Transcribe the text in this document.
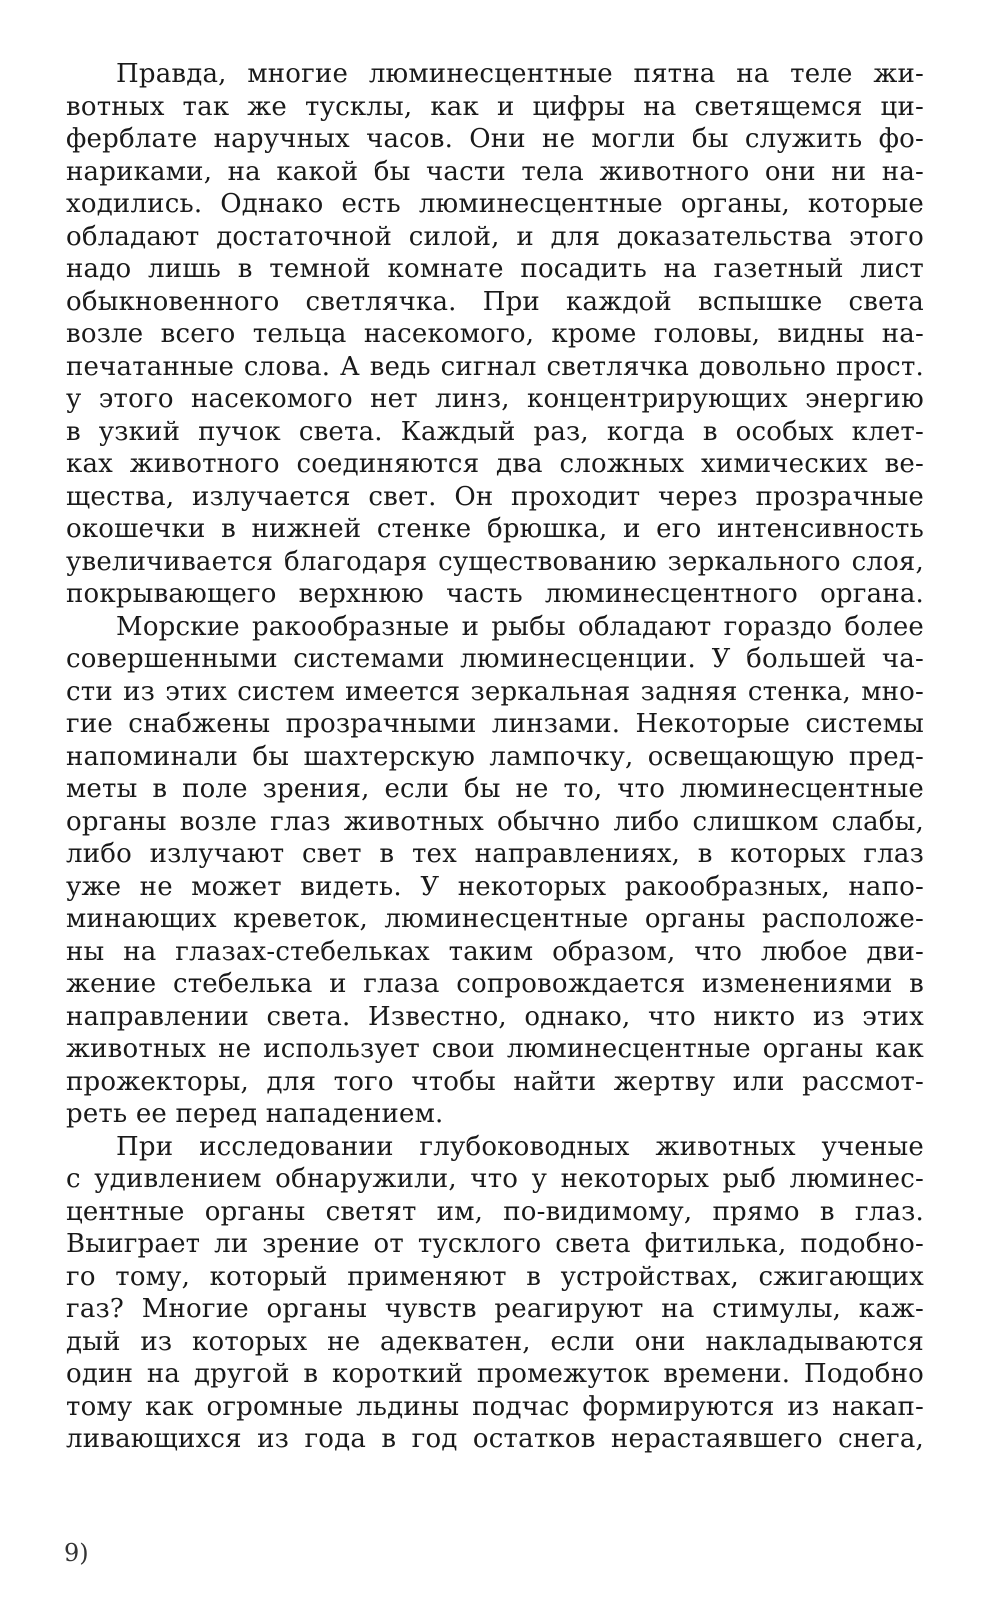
Правда, многие люминесцентные пятна на теле жи-
вотных так же тусклы, как и цифры на светящемся ци-
ферблате наручных часов. Они не могли бы служить фо-
нариками, на какой бы части тела животного они ни на-
ходились. Однако есть люминесцентные органы, которые
обладают достаточной силой, и для доказательства этого
надо лишь в темной комнате посадить на газетный лист
обыкновенного светлячка. При каждой вспышке света
возле всего тельца насекомого, кроме головы, видны на-
печатанные слова. А ведь сигнал светлячка довольно прост.
у этого насекомого нет линз, концентрирующих энергию
в узкий пучок света. Каждый раз, когда в особых клет-
ках животного соединяются два сложных химических ве-
щества, излучается свет. Он проходит через прозрачные
окошечки в нижней стенке брюшка, и его интенсивность
увеличивается благодаря существованию зеркального слоя,
покрывающего верхнюю часть люминесцентного органа.
Морские ракообразные и рыбы обладают гораздо более
совершенными системами люминесценции. У большей ча-
сти из этих систем имеется зеркальная задняя стенка, мно-
гие снабжены прозрачными линзами. Некоторые системы
напоминали бы шахтерскую лампочку, освещающую пред-
меты в поле зрения, если бы не то, что люминесцентные
органы возле глаз животных обычно либо слишком слабы,
либо излучают свет в тех направлениях, в которых глаз
уже не может видеть. У некоторых ракообразных, напо-
минающих креветок, люминесцентные органы расположе-
ны на глазах-стебельках таким образом, что любое дви-
жение стебелька и глаза сопровождается изменениями в
направлении света. Известно, однако, что никто из этих
животных не использует свои люминесцентные органы как
прожекторы, для того чтобы найти жертву или рассмот-
реть ее перед нападением.
При исследовании глубоководных животных ученые
с удивлением обнаружили, что у некоторых рыб люминес-
центные органы светят им, по-видимому, прямо в глаз.
Выиграет ли зрение от тусклого света фитилька, подобно-
го тому, который применяют в устройствах, сжигающих
газ? Многие органы чувств реагируют на стимулы, каж-
дый из которых не адекватен, если они накладываются
один на другой в короткий промежуток времени. Подобно
тому как огромные льдины подчас формируются из накап-
ливающихся из года в год остатков нерастаявшего снега,
9)
